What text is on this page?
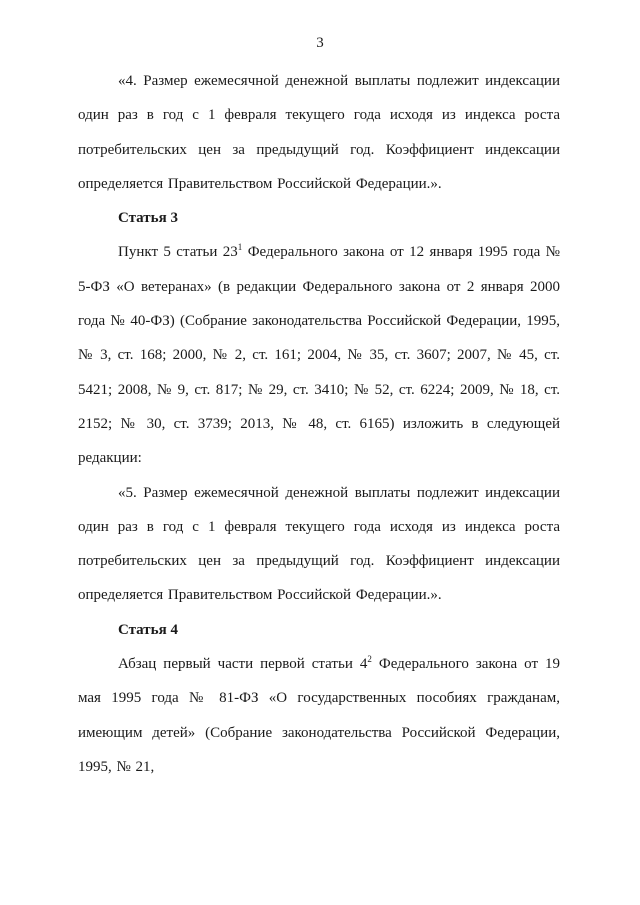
3

«4. Размер ежемесячной денежной выплаты подлежит индексации один раз в год с 1 февраля текущего года исходя из индекса роста потребительских цен за предыдущий год. Коэффициент индексации определяется Правительством Российской Федерации.».

Статья 3

Пункт 5 статьи $23^1$ Федерального закона от 12 января 1995 года № 5-ФЗ «О ветеранах» (в редакции Федерального закона от 2 января 2000 года № 40-ФЗ) (Собрание законодательства Российской Федерации, 1995, № 3, ст. 168; 2000, № 2, ст. 161; 2004, № 35, ст. 3607; 2007, № 45, ст. 5421; 2008, № 9, ст. 817; № 29, ст. 3410; № 52, ст. 6224; 2009, № 18, ст. 2152; № 30, ст. 3739; 2013, № 48, ст. 6165) изложить в следующей редакции:

«5. Размер ежемесячной денежной выплаты подлежит индексации один раз в год с 1 февраля текущего года исходя из индекса роста потребительских цен за предыдущий год. Коэффициент индексации определяется Правительством Российской Федерации.».

Статья 4

Абзац первый части первой статьи $4^2$ Федерального закона от 19 мая 1995 года № 81-ФЗ «О государственных пособиях гражданам, имеющим детей» (Собрание законодательства Российской Федерации, 1995, № 21,
